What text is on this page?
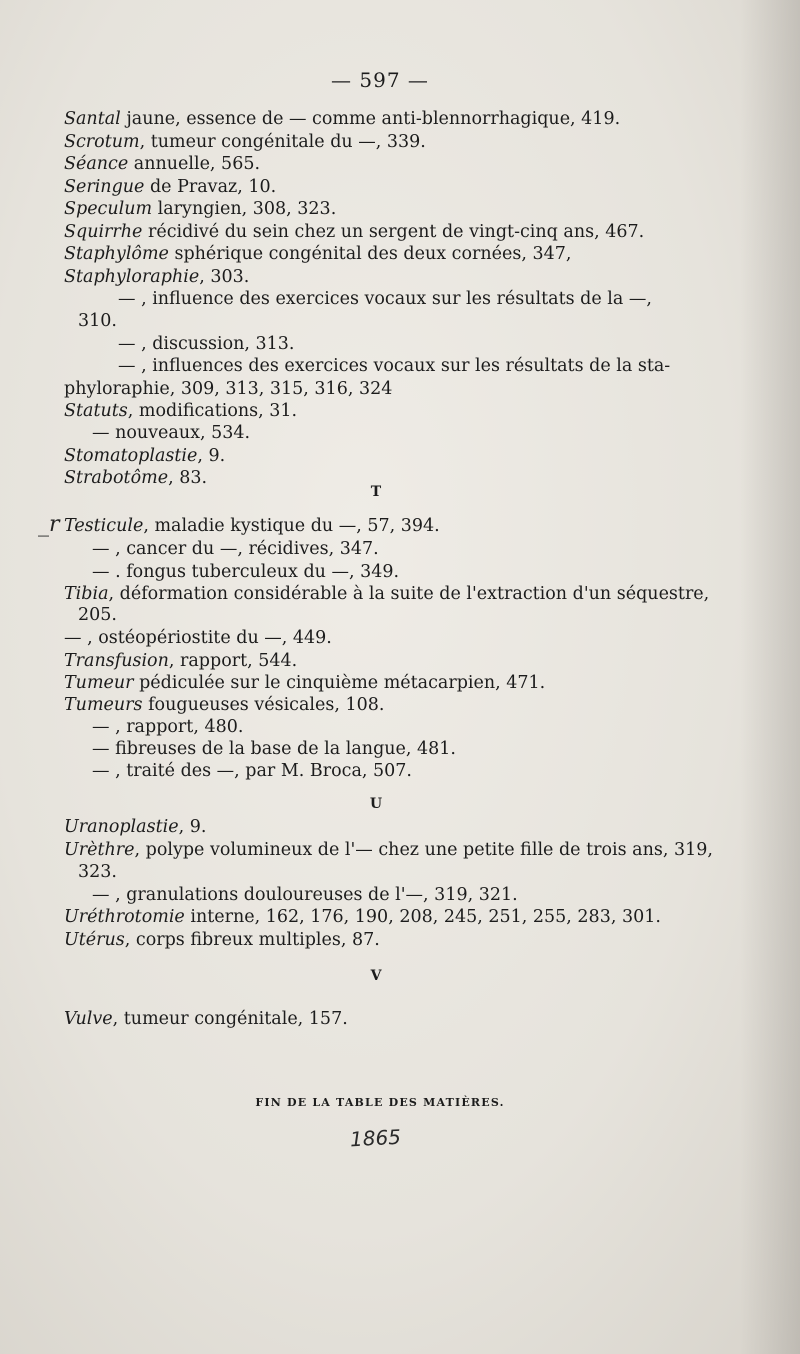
— 597 —
_r
Santal jaune, essence de — comme anti-blennorrhagique, 419.
Scrotum, tumeur congénitale du —, 339.
Séance annuelle, 565.
Seringue de Pravaz, 10.
Speculum laryngien, 308, 323.
Squirrhe récidivé du sein chez un sergent de vingt-cinq ans, 467.
Staphylôme sphérique congénital des deux cornées, 347,
Staphyloraphie, 303.
— , influence des exercices vocaux sur les résultats de la —,
310.
— , discussion, 313.
— , influences des exercices vocaux sur les résultats de la sta-
phyloraphie, 309, 313, 315, 316, 324
Statuts, modifications, 31.
— nouveaux, 534.
Stomatoplastie, 9.
Strabotôme, 83.
T
Testicule, maladie kystique du —, 57, 394.
— , cancer du —, récidives, 347.
— . fongus tuberculeux du —, 349.
Tibia, déformation considérable à la suite de l'extraction d'un séquestre,
205.
— , ostéopériostite du —, 449.
Transfusion, rapport, 544.
Tumeur pédiculée sur le cinquième métacarpien, 471.
Tumeurs fougueuses vésicales, 108.
— , rapport, 480.
— fibreuses de la base de la langue, 481.
— , traité des —, par M. Broca, 507.
U
Uranoplastie, 9.
Urèthre, polype volumineux de l'— chez une petite fille de trois ans, 319,
323.
— , granulations douloureuses de l'—, 319, 321.
Uréthrotomie interne, 162, 176, 190, 208, 245, 251, 255, 283, 301.
Utérus, corps fibreux multiples, 87.
V
Vulve, tumeur congénitale, 157.
FIN DE LA TABLE DES MATIÈRES.
1865
